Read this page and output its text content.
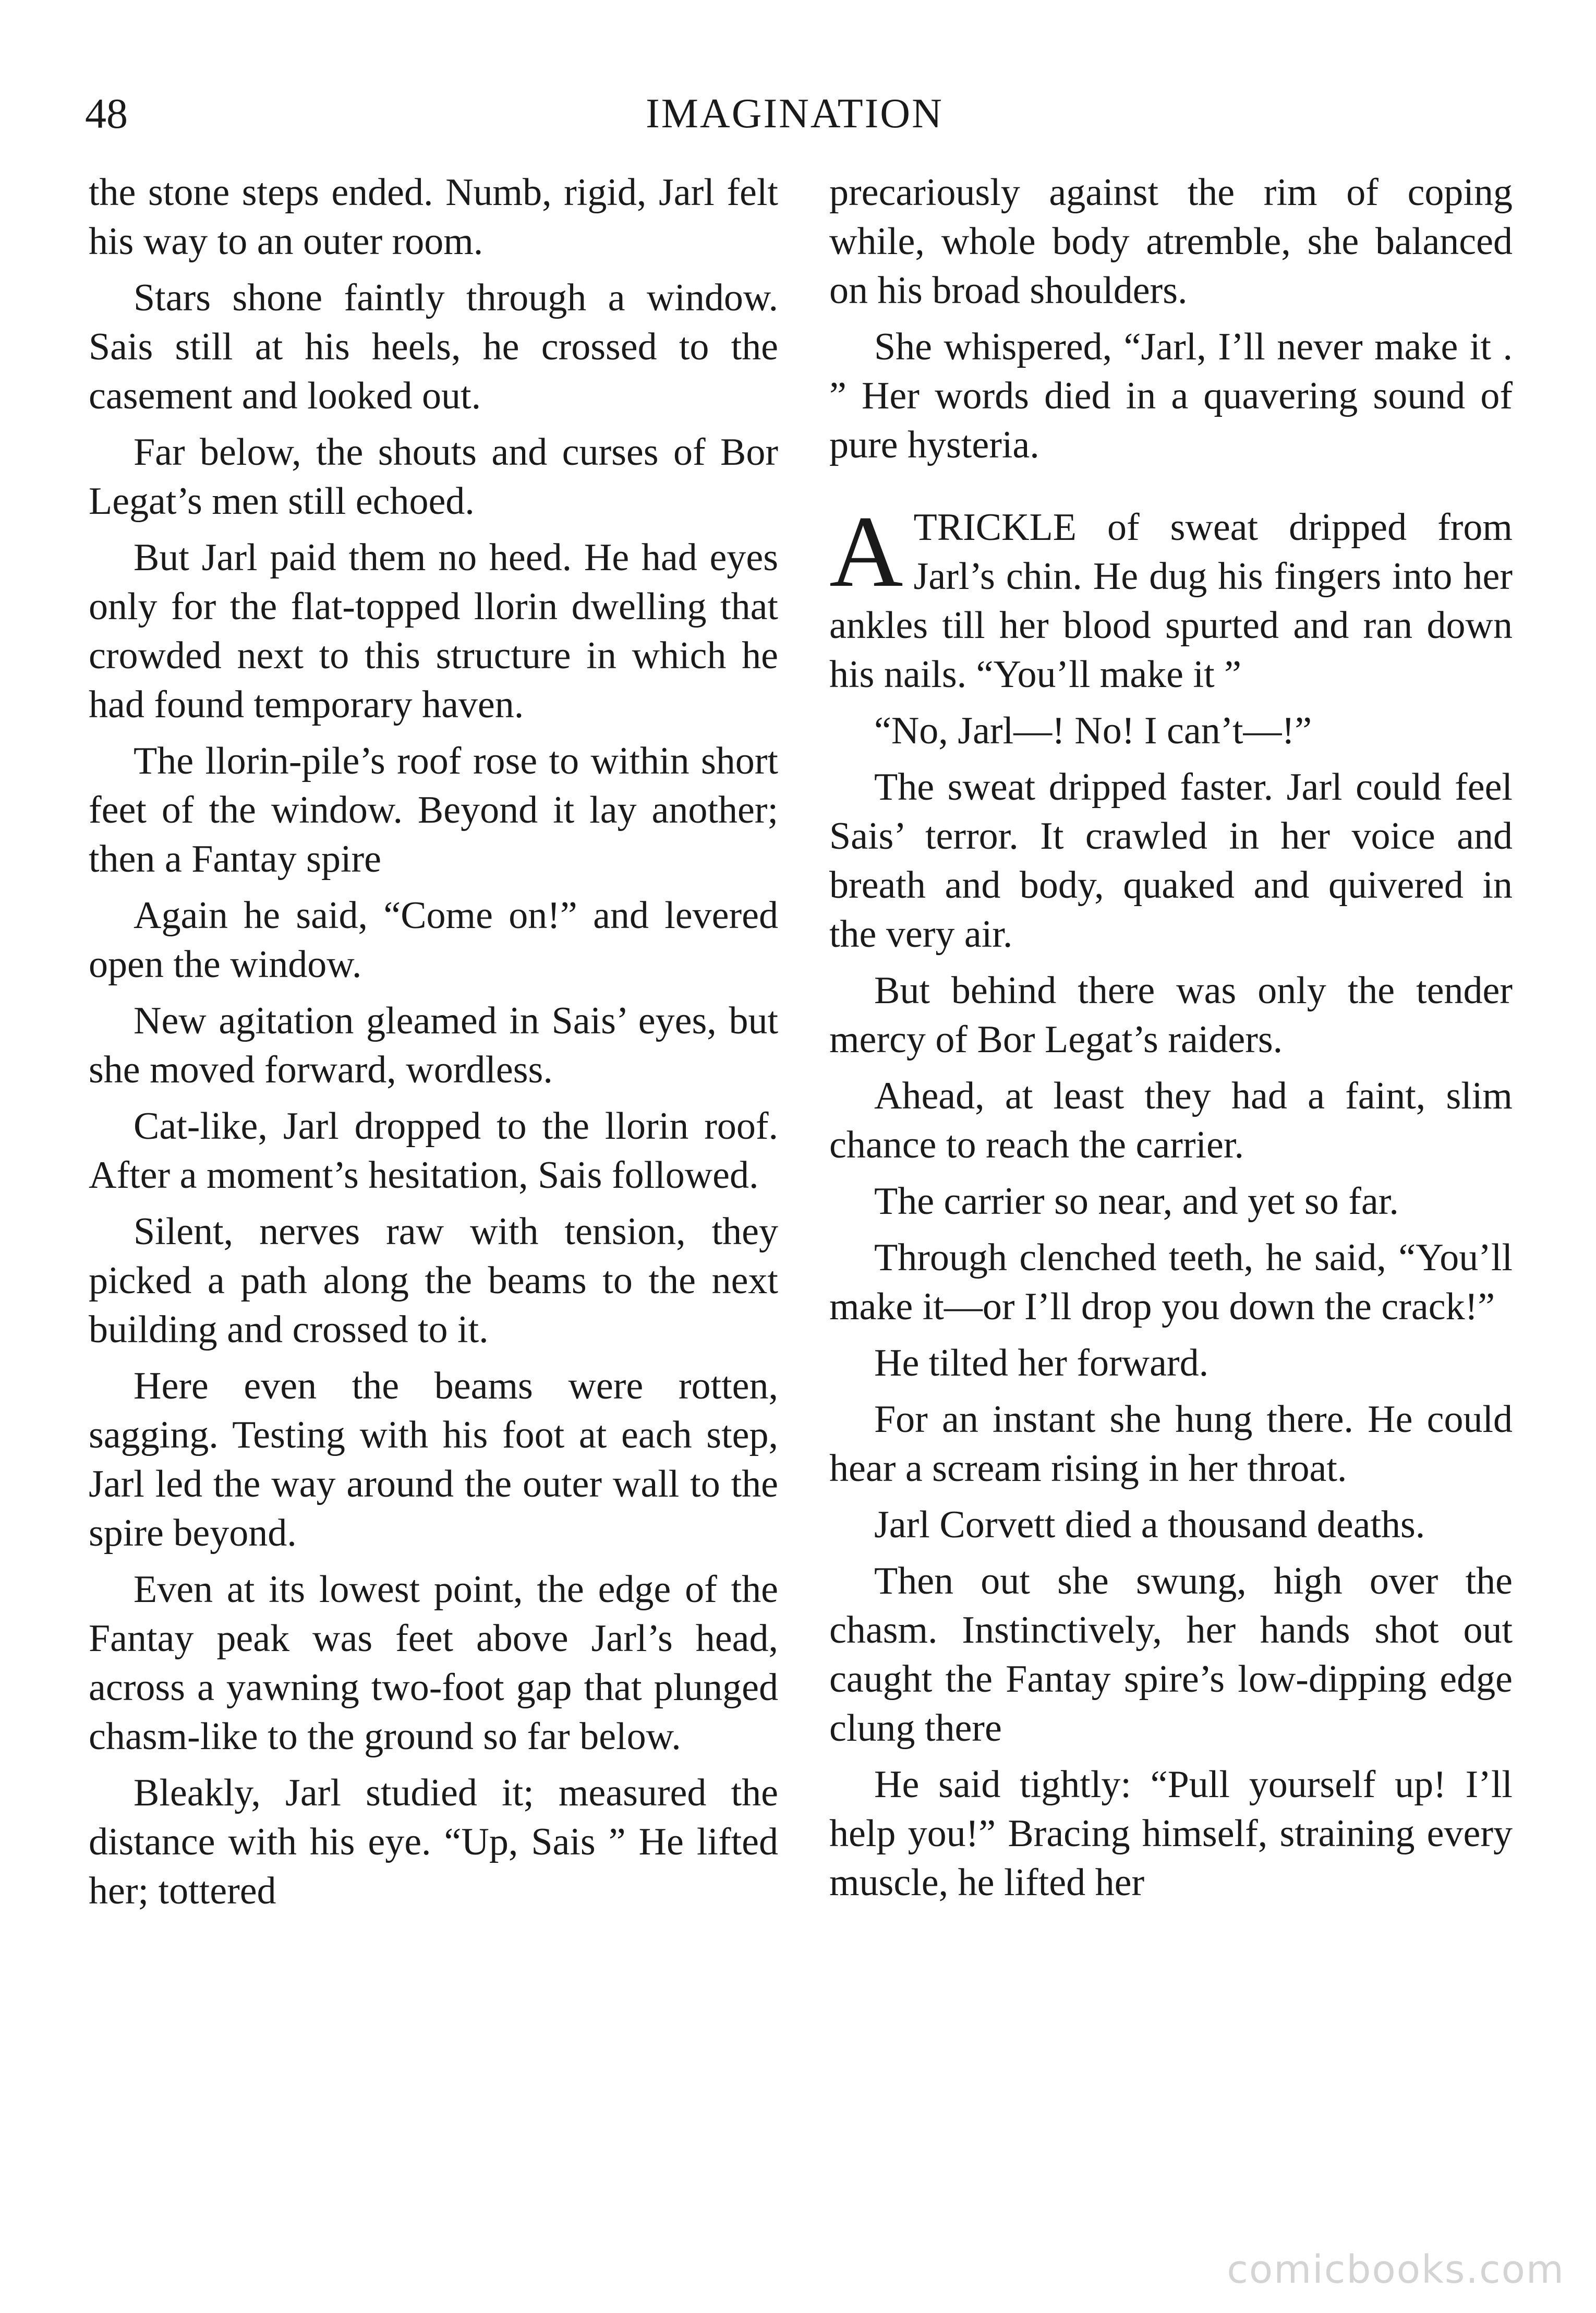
48	IMAGINATION

the stone steps ended. Numb, rigid, Jarl felt his way to an outer room.

Stars shone faintly through a window. Sais still at his heels, he crossed to the casement and looked out.

Far below, the shouts and curses of Bor Legat’s men still echoed.

But Jarl paid them no heed. He had eyes only for the flat-topped llorin dwelling that crowded next to this structure in which he had found temporary haven.

The llorin-pile’s roof rose to within short feet of the window. Beyond it lay another; then a Fantay spire

Again he said, “Come on!” and levered open the window.

New agitation gleamed in Sais’ eyes, but she moved forward, wordless.

Cat-like, Jarl dropped to the llorin roof. After a moment’s hesitation, Sais followed.

Silent, nerves raw with tension, they picked a path along the beams to the next building and crossed to it.

Here even the beams were rotten, sagging. Testing with his foot at each step, Jarl led the way around the outer wall to the spire beyond.

Even at its lowest point, the edge of the Fantay peak was feet above Jarl’s head, across a yawning two-foot gap that plunged chasm-like to the ground so far below.

Bleakly, Jarl studied it; measured the distance with his eye. “Up, Sais ” He lifted her; tottered

precariously against the rim of coping while, whole body atremble, she balanced on his broad shoulders.

She whispered, “Jarl, I’ll never make it . ” Her words died in a quavering sound of pure hysteria.

A TRICKLE of sweat dripped from Jarl’s chin. He dug his fingers into her ankles till her blood spurted and ran down his nails. “You’ll make it ”

“No, Jarl—! No! I can’t—!”

The sweat dripped faster. Jarl could feel Sais’ terror. It crawled in her voice and breath and body, quaked and quivered in the very air.

But behind there was only the tender mercy of Bor Legat’s raiders.

Ahead, at least they had a faint, slim chance to reach the carrier.

The carrier so near, and yet so far.

Through clenched teeth, he said, “You’ll make it—or I’ll drop you down the crack!”

He tilted her forward.

For an instant she hung there. He could hear a scream rising in her throat.

Jarl Corvett died a thousand deaths.

Then out she swung, high over the chasm. Instinctively, her hands shot out caught the Fantay spire’s low-dipping edge clung there

He said tightly: “Pull yourself up! I’ll help you!” Bracing himself, straining every muscle, he lifted her

comicbooks.com
